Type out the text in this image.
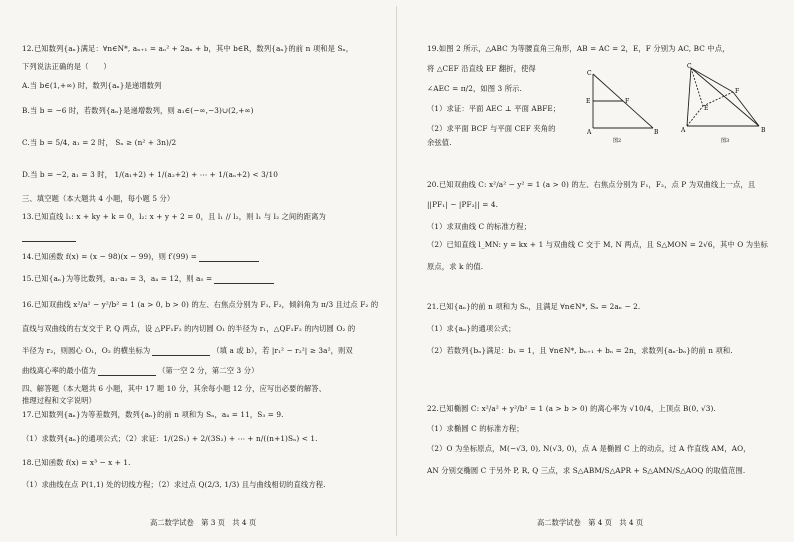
12.已知数列{aₙ}满足：∀n∈N*, aₙ₊₁ = aₙ² + 2aₙ + b，其中 b∈R，数列{aₙ}的前 n 项和是 Sₙ，
下列说法正确的是（　　）
A.当 b∈(1,+∞) 时，数列{aₙ}是递增数列
B.当 b = −6 时，若数列{aₙ}是递增数列，则 a₁∈(−∞,−3)∪(2,+∞)
C.当 b = 5/4, a₁ = 2 时， Sₙ ≥ (n² + 3n)/2
D.当 b = −2, a₁ = 3 时， 1/(a₁+2) + 1/(a₂+2) + ⋯ + 1/(aₙ+2) < 3/10
三、填空题（本大题共 4 小题，每小题 5 分）
13.已知直线 l₁: x + ky + k = 0，l₂: x + y + 2 = 0，且 l₁ // l₂，则 l₁ 与 l₂ 之间的距离为
14.已知函数 f(x) = (x − 98)(x − 99)，则 f′(99) =
15.已知{aₙ}为等比数列，a₁·a₃ = 3，a₄ = 12，则 a₅ =
16.已知双曲线 x²/a² − y²/b² = 1 (a > 0, b > 0) 的左、右焦点分别为 F₁, F₂，倾斜角为 π/3 且过点 F₂ 的
直线与双曲线的右支交于 P, Q 两点，设 △PF₁F₂ 的内切圆 O₁ 的半径为 r₁，△QF₁F₂ 的内切圆 O₂ 的
半径为 r₂，则圆心 O₁，O₂ 的横坐标为	（填 a 或 b），若 |r₁² − r₂²| ≥ 3a²，则双
曲线离心率的最小值为	（第一空 2 分，第二空 3 分）
四、解答题（本大题共 6 小题，其中 17 题 10 分，其余每小题 12 分，应写出必要的解答、
推理过程和文字说明）
17.已知数列{aₙ}为等差数列，数列{aₙ}的前 n 项和为 Sₙ，a₄ = 11，S₃ = 9.
（1）求数列{aₙ}的通项公式；（2）求证：1/(2S₁) + 2/(3S₂) + ⋯ + n/((n+1)Sₙ) < 1.
18.已知函数 f(x) = x³ − x + 1.
（1）求曲线在点 P(1,1) 处的切线方程；（2）求过点 Q(2/3, 1/3) 且与曲线相切的直线方程.
高二数学试卷　第 3 页　共 4 页
19.如图 2 所示，△ABC 为等腰直角三角形，AB = AC = 2，E，F 分别为 AC, BC 中点，
将 △CEF 沿直线 EF 翻折，使得
∠AEC = π/2，如图 3 所示.
（1）求证：平面 AEC ⊥ 平面 ABFE；
（2）求平面 BCF 与平面 CEF 夹角的
余弦值.
C
E	F
A	B
图2
C
E
F
A	B
图3
20.已知双曲线 C: x²/a² − y² = 1 (a > 0) 的左、右焦点分别为 F₁，F₂，点 P 为双曲线上一点，且
||PF₁| − |PF₂|| = 4.
（1）求双曲线 C 的标准方程；
（2）已知直线 l_MN: y = kx + 1 与双曲线 C 交于 M, N 两点，且 S△MON = 2√6，其中 O 为坐标
原点，求 k 的值.
21.已知{aₙ}的前 n 项和为 Sₙ，且满足 ∀n∈N*, Sₙ = 2aₙ − 2.
（1）求{aₙ}的通项公式；
（2）若数列{bₙ}满足：b₁ = 1，且 ∀n∈N*, bₙ₊₁ + bₙ = 2n，求数列{aₙ·bₙ}的前 n 项和.
22.已知椭圆 C: x²/a² + y²/b² = 1 (a > b > 0) 的离心率为 √10/4，上顶点 B(0, √3).
（1）求椭圆 C 的标准方程；
（2）O 为坐标原点，M(−√3, 0), N(√3, 0)，点 A 是椭圆 C 上的动点，过 A 作直线 AM，AO，
AN 分别交椭圆 C 于另外 P, R, Q 三点，求 S△ABM/S△APR + S△AMN/S△AOQ 的取值范围.
高二数学试卷　第 4 页　共 4 页
